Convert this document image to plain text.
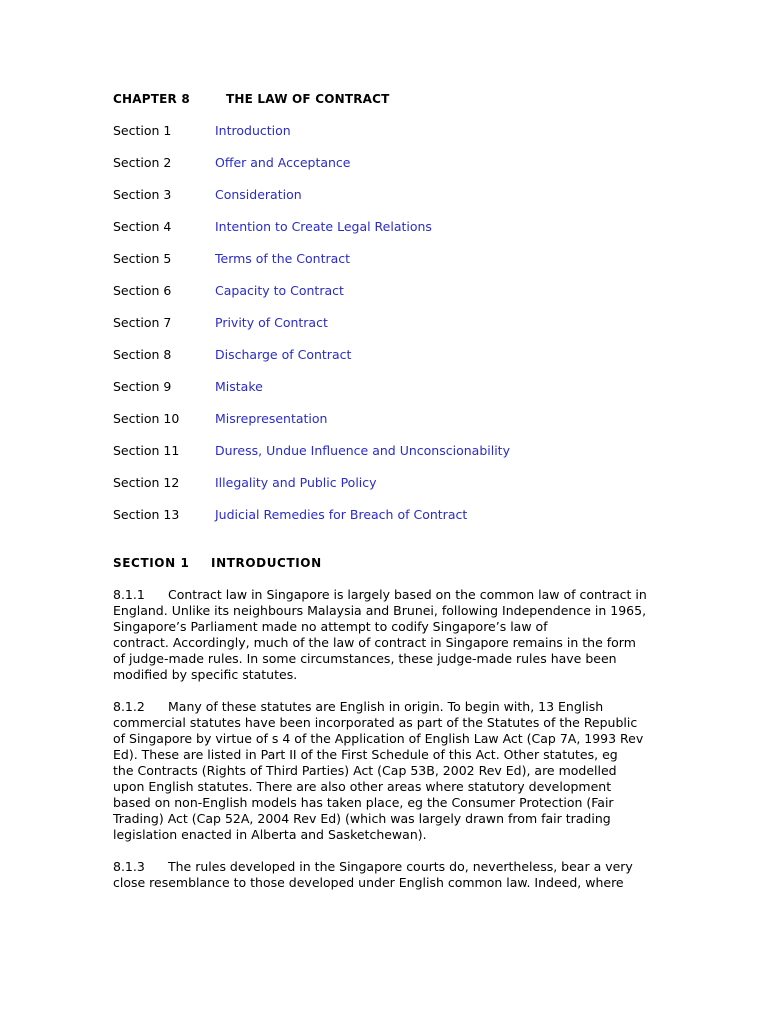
CHAPTER 8	THE LAW OF CONTRACT
Section 1	Introduction
Section 2	Offer and Acceptance
Section 3	Consideration
Section 4	Intention to Create Legal Relations
Section 5	Terms of the Contract
Section 6	Capacity to Contract
Section 7	Privity of Contract
Section 8	Discharge of Contract
Section 9	Mistake
Section 10	Misrepresentation
Section 11	Duress, Undue Influence and Unconscionability
Section 12	Illegality and Public Policy
Section 13	Judicial Remedies for Breach of Contract
SECTION 1 INTRODUCTION

8.1.1 Contract law in Singapore is largely based on the common law of contract in
England. Unlike its neighbours Malaysia and Brunei, following Independence in 1965,
Singapore’s Parliament made no attempt to codify Singapore’s law of
contract. Accordingly, much of the law of contract in Singapore remains in the form
of judge-made rules. In some circumstances, these judge-made rules have been
modified by specific statutes.

8.1.2 Many of these statutes are English in origin. To begin with, 13 English
commercial statutes have been incorporated as part of the Statutes of the Republic
of Singapore by virtue of s 4 of the Application of English Law Act (Cap 7A, 1993 Rev
Ed). These are listed in Part II of the First Schedule of this Act. Other statutes, eg
the Contracts (Rights of Third Parties) Act (Cap 53B, 2002 Rev Ed), are modelled
upon English statutes. There are also other areas where statutory development
based on non-English models has taken place, eg the Consumer Protection (Fair
Trading) Act (Cap 52A, 2004 Rev Ed) (which was largely drawn from fair trading
legislation enacted in Alberta and Sasketchewan).

8.1.3 The rules developed in the Singapore courts do, nevertheless, bear a very
close resemblance to those developed under English common law. Indeed, where
